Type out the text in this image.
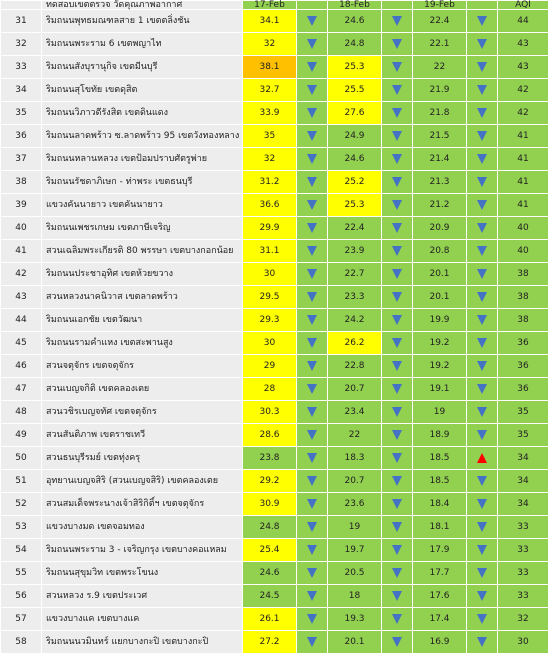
	ทดสอบเขตตรวจ วัดคุณภาพอากาศ	17-Feb		18-Feb		19-Feb		AQI
31	ริมถนนพุทธมณฑลสาย 1 เขตตลิ่งชัน	34.1		24.6		22.4		44
32	ริมถนนพระราม 6 เขตพญาไท	32		24.8		22.1		43
33	ริมถนนสังบุรานุกิจ เขตมีนบุรี	38.1		25.3		22		43
34	ริมถนนสุโขทัย เขตดุสิต	32.7		25.5		21.9		42
35	ริมถนนวิภาวดีรังสิต เขตดินแดง	33.9		27.6		21.8		42
36	ริมถนนลาดพร้าว ซ.ลาดพร้าว 95 เขตวังทองหลาง	35		24.9		21.5		41
37	ริมถนนหลานหลวง เขตป้อมปราบศัตรูพ่าย	32		24.6		21.4		41
38	ริมถนนรัชดาภิเษก - ท่าพระ เขตธนบุรี	31.2		25.2		21.3		41
39	แขวงคันนายาว เขตคันนายาว	36.6		25.3		21.2		41
40	ริมถนนเพชรเกษม เขตภาษีเจริญ	29.9		22.4		20.9		40
41	สวนเฉลิมพระเกียรติ 80 พรรษา เขตบางกอกน้อย	31.1		23.9		20.8		40
42	ริมถนนประชาอุทิศ เขตห้วยขวาง	30		22.7		20.1		38
43	สวนหลวงนาคนิวาส เขตลาดพร้าว	29.5		23.3		20.1		38
44	ริมถนนเอกชัย เขตวัฒนา	29.3		24.2		19.9		38
45	ริมถนนรามคำแหง เขตสะพานสูง	30		26.2		19.2		36
46	สวนจตุจักร เขตจตุจักร	29		22.8		19.2		36
47	สวนเบญจกิติ เขตคลองเตย	28		20.7		19.1		36
48	สวนวชิรเบญจทัศ เขตจตุจักร	30.3		23.4		19		35
49	สวนสันติภาพ เขตราชเทวี	28.6		22		18.9		35
50	สวนธนบุรีรมย์ เขตทุ่งครุ	23.8		18.3		18.5		34
51	อุทยานเบญจสิริ (สวนเบญจสิริ) เขตคลองเตย	29.2		20.7		18.5		34
52	สวนสมเด็จพระนางเจ้าสิริกิติ์ฯ เขตจตุจักร	30.9		23.6		18.4		34
53	แขวงบางมด เขตจอมทอง	24.8		19		18.1		33
54	ริมถนนพระราม 3 - เจริญกรุง เขตบางคอแหลม	25.4		19.7		17.9		33
55	ริมถนนสุขุมวิท เขตพระโขนง	24.6		20.5		17.7		33
56	สวนหลวง ร.9 เขตประเวศ	24.5		18		17.6		33
57	แขวงบางแค เขตบางแค	26.1		19.3		17.4		32
58	ริมถนนนวมินทร์ แยกบางกะปิ เขตบางกะปิ	27.2		20.1		16.9		30
